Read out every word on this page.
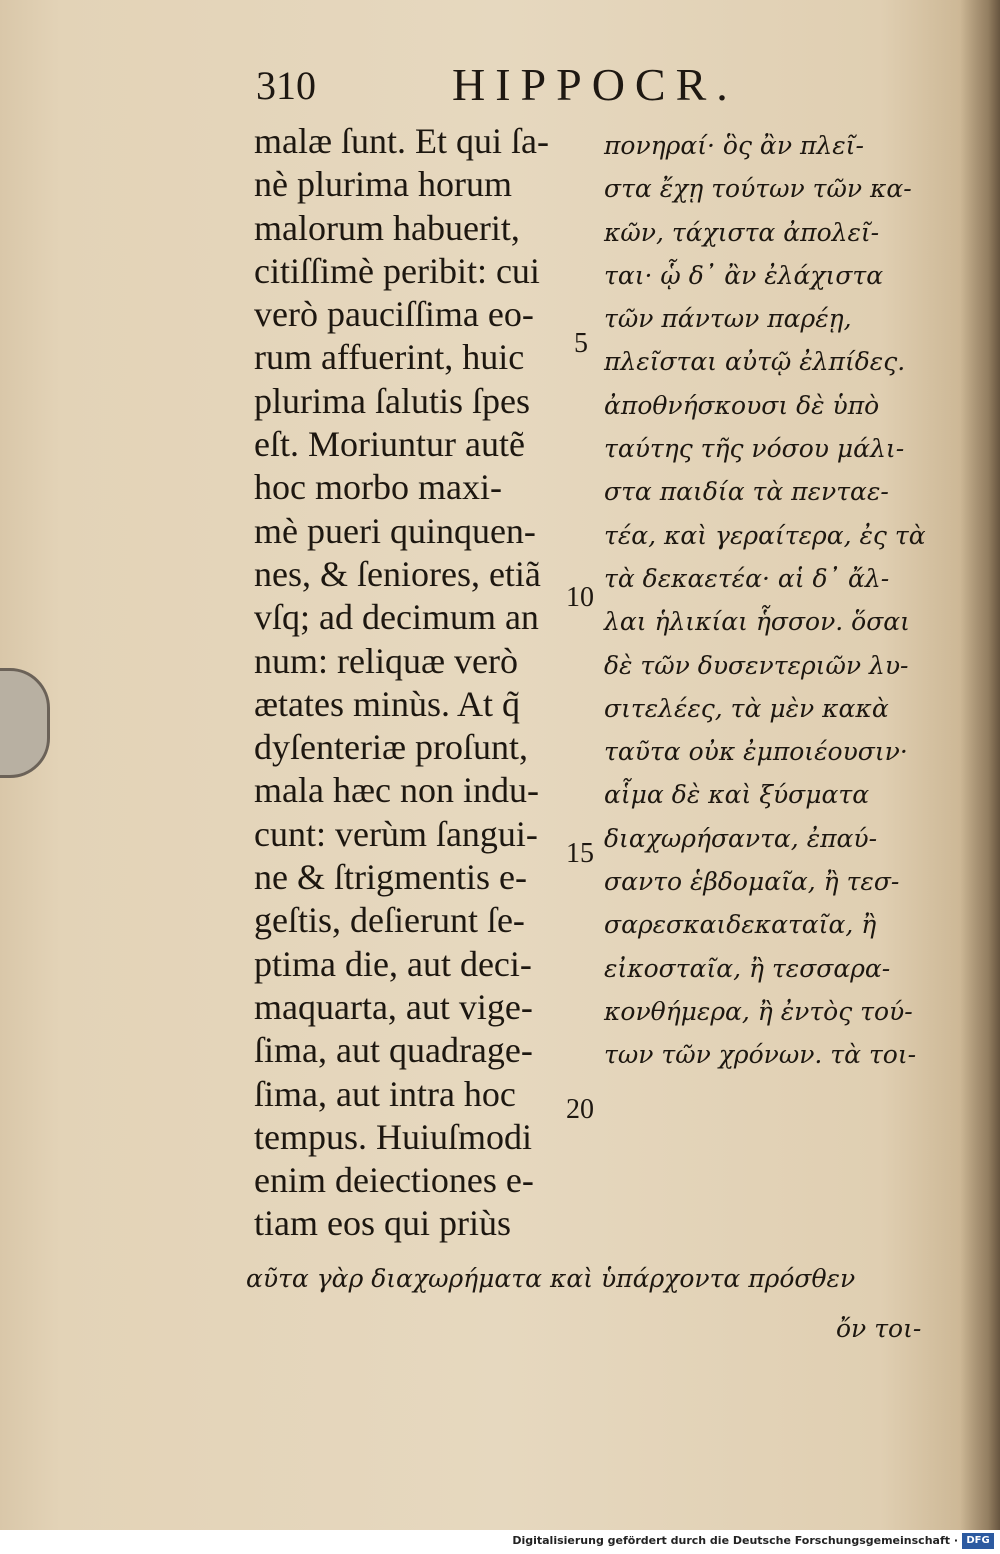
310	HIPPOCR.
malæ ſunt. Et qui ſa-
nè plurima horum
malorum habuerit,
citiſſimè peribit: cui
verò pauciſſima eo-
rum affuerint, huic
plurima ſalutis ſpes
eſt. Moriuntur autẽ
hoc morbo maxi-
mè pueri quinquen-
nes, & ſeniores, etiã
vſq; ad decimum an
num: reliquæ verò
ætates minùs. At q̃
dyſenteriæ proſunt,
mala hæc non indu-
cunt: verùm ſangui-
ne & ſtrigmentis e-
geſtis, deſierunt ſe-
ptima die, aut deci-
maquarta, aut vige-
ſima, aut quadrage-
ſima, aut intra hoc
tempus. Huiuſmodi
enim deiectiones e-
tiam eos qui priùs
5
10
15
20
πονηραί· ὃς ἂν πλεῖ-
στα ἔχῃ τούτων τῶν κα-
κῶν, τάχιστα ἀπολεῖ-
ται· ᾧ δ᾽ ἂν ἐλάχιστα
τῶν πάντων παρέῃ,
πλεῖσται αὐτῷ ἐλπίδες.
ἀποθνήσκουσι δὲ ὑπὸ
ταύτης τῆς νόσου μάλι-
στα παιδία τὰ πενταε-
τέα, καὶ γεραίτερα, ἐς τὰ
τὰ δεκαετέα· αἱ δ᾽ ἄλ-
λαι ἡλικίαι ἧσσον. ὅσαι
δὲ τῶν δυσεντεριῶν λυ-
σιτελέες, τὰ μὲν κακὰ
ταῦτα οὐκ ἐμποιέουσιν·
αἷμα δὲ καὶ ξύσματα
διαχωρήσαντα, ἐπαύ-
σαντο ἑβδομαῖα, ἢ τεσ-
σαρεσκαιδεκαταῖα, ἢ
εἰκοσταῖα, ἢ τεσσαρα-
κονθήμερα, ἢ ἐντὸς τού-
των τῶν χρόνων. τὰ τοι-
αῦτα γὰρ διαχωρήματα καὶ ὑπάρχοντα πρόσθεν
ὄν τοι-
Digitalisierung gefördert durch die Deutsche Forschungsgemeinschaft · DFG
